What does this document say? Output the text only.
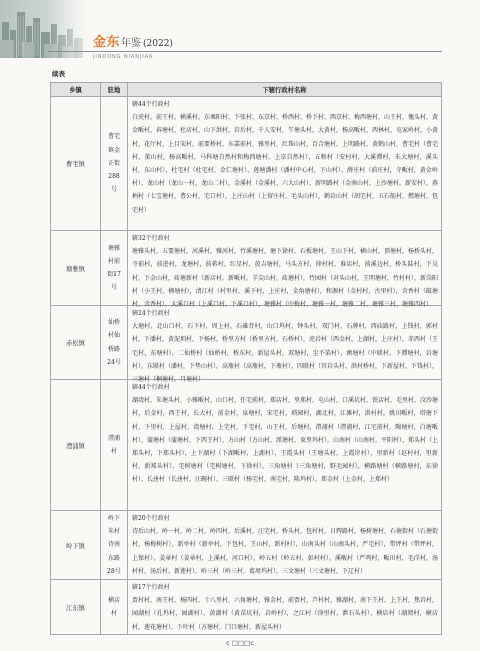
金东年鉴 (2022)
JINDONG NIANJIAN
续表
乡镇	驻地	下辖行政村名称

曹宅镇	曹宅镇金正街288号	辖44个行政村
白虎村，前王村，横溪村，东乘阳村，下张村，东京村，桥西村，桥下村，西京村，梅西塘村，山王村，傀头村，黄金畈村，春塘村，杜店村，山下洪村，岩后村，千人安村，午塘头村，大黄村，杨高畈村，西林村，屯家岭村，小黄村，花厅村，上目宋村，前要桥村，东嘉前村，雅里村，红珠山村，百合塘村，上明路村，黄鹤山村，曹宅村（曹宅村，董山村，杨高畈村，马科塘自然村和梅西塘村，上京自然村），五和村（安村村，大溪潭村，朱大塘村，溪头村，东山村），杜宅村（杜宅村，金仁塘村），莲塘潘村（潘村中心村，下山村），薛庄村（前庄村，寺畈村，黄金岭村），龙山村（龙山一村，龙山二村），金溪村（金溪村，六大山村），新明路村（金南山村，上沙塘村，新安村），燕柄村（七宝塘村，曹公村，宅口村），上庄山村（上留庄村，毛头山村），鹤岩山村（胡宅村，五石舫村，燃塘村，包宅村）

塘雅镇	塘雅村前街17号	辖32个行政村
塘雅头村，五要塘村，河溪村，雅河村，竹溪塘村，塘下徐村，石板塘村，王山下村，横山村，顶塘村，杨桥头村，寺前村，前进村，龙塘村，前蒋村，红星村，黄吉塘村，马头方村，徐村村，淮店村，前溪边村，桥头陆村，下吴村，下金山村，砖塘新村（新店村，新畈村，羊尖山村，砖塘村），竹园村（对头山村，王明塘村，竹村村），新岗阳村（小王村，横塘村），清江村（村里村，溪下村，上庄村，金角塘村），和源村（金村村，古里村），含香村（破塘村，含香村），大溪口村（上溪口村，下溪口村），塘雅村（中梅村，塘雅一村，塘雅二村，塘雅三村，塘雅四村）

赤松镇	仙桥村仙桥路24号	辖24个行政村
大塘村，北山口村，石下村，周上村，石碓背村，山口坞村，钟头村，双门村，石牌村，西庙路村，上钱村，郭村村，下潘村，黄泥圳村，下杨村，桥里方村（桥里方村，石桥村），虎岩村（西金村，上湖村，上庄村），赤西村（王宅村，东塘村），二仙桥村（仙桥村，桥东村，新屋头村，双塘村，尘不染村），澳塘村（中联村，下潭塘村，岩塘村），东联村（潘村，下垫山村），高瓶村（高瓶村，下瓶村），四联村（官岩头村，洪村桥村，下新屋村，下钱村），三塘村（桐塘村，月塘村）

澧浦镇	澧浦村	辖44个行政村
湖湾村，朱塘头村，小雅畈村，山口村，任宅前村，郑店村，里郑村，屯山村，口溪坑村，铁店村，毛里村，汶沙塘村，后金村，西王村，长大村，前金村，泉塘村，宋宅村，琐园村，湖北村，江滩村，洪村村，姚田畈村，塔塘下村，下里村，上屋村，湾塘村，上宅村，下宅村，山王村，后塘村，澧浦村（澧浦村，江宅前村，陶塘村，白塘畈村），蒲塘村（蒲塘村，下西王村），方山村（方山村，派塘村，束里坞村），山南村（山南村，平阳村），郑头村（上郑头村，下郑头村），上下湖村（下湖畈村，上湖村），王霞头村（王塘头村，上霞岸村），里新村（赵村村，里新村，新郑头村），宅树塘村（宅树塘村，下徐村），三角塘村（三角塘村，野毛园村），横路塘村（横路塘村，东徐村），长唐村（长唐村，汪碗村），三联村（杨宅村，南宅村，陈坞村），郑金村（上金村，上郑村）

岭下镇	岭下朱村诗南东路28号	辖20个行政村
诗后山村，岭一村，岭二村，岭四村，后溪村，汪宅村，桥头村，包村村，日辉路村，杨树塘村，石塘街村（石塘街村，杨梅树村），新亭村（新亭村，下包村，王山村，新村村），山南头村（山南头村，严宅村），带坪村（带坪村，上保村），姜章村（姜章村，上溪村，河口村），岭五村（岭五村，彭村村），溪畈村（严鸣村，畈田村，毛洋村，汤村村，汤后村，新莲村），岭三村（岭三村，葛周坞村），三文塘村（三文塘村，下辽村）

江东镇	横店村	辖17个行政村
贾村村，南王村，杨四村，十八里村，六角塘村，雅金村，前贾村，芦村村，雅湖村，南下王村，上王村，焦岩村，园湖村（孔坞村，园湖村），黄湖村（黄苗坑村，岩岭村），之江村（徐里村，泄石头村），横店村（湖阅村，横店村，莲花塘村），下叶村（方塘村，门口塘村，新屋头村）
c □□□c
